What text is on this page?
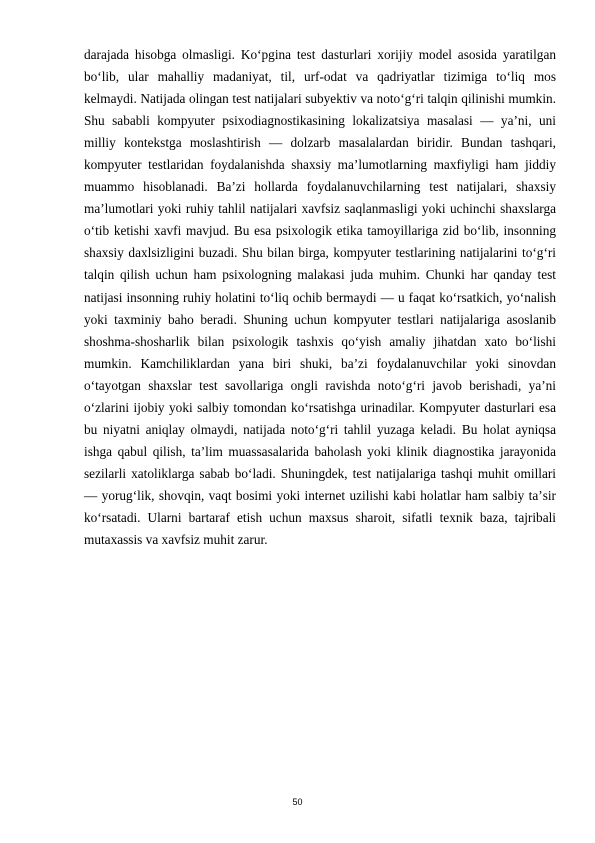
darajada hisobga olmasligi. Koʻpgina test dasturlari xorijiy model asosida yaratilgan boʻlib, ular mahalliy madaniyat, til, urf-odat va qadriyatlar tizimiga toʻliq mos kelmaydi. Natijada olingan test natijalari subyektiv va notoʻgʻri talqin qilinishi mumkin. Shu sababli kompyuter psixodiagnostikasining lokalizatsiya masalasi — yaʼni, uni milliy kontekstga moslashtirish — dolzarb masalalardan biridir. Bundan tashqari, kompyuter testlaridan foydalanishda shaxsiy maʼlumotlarning maxfiyligi ham jiddiy muammo hisoblanadi. Baʼzi hollarda foydalanuvchilarning test natijalari, shaxsiy maʼlumotlari yoki ruhiy tahlil natijalari xavfsiz saqlanmasligi yoki uchinchi shaxslarga oʻtib ketishi xavfi mavjud. Bu esa psixologik etika tamoyillariga zid boʻlib, insonning shaxsiy daxlsizligini buzadi. Shu bilan birga, kompyuter testlarining natijalarini toʻgʻri talqin qilish uchun ham psixologning malakasi juda muhim. Chunki har qanday test natijasi insonning ruhiy holatini toʻliq ochib bermaydi — u faqat koʻrsatkich, yoʻnalish yoki taxminiy baho beradi. Shuning uchun kompyuter testlari natijalariga asoslanib shoshma-shosharlik bilan psixologik tashxis qoʻyish amaliy jihatdan xato boʻlishi mumkin. Kamchiliklardan yana biri shuki, baʼzi foydalanuvchilar yoki sinovdan oʻtayotgan shaxslar test savollariga ongli ravishda notoʻgʻri javob berishadi, yaʼni oʻzlarini ijobiy yoki salbiy tomondan koʻrsatishga urinadilar. Kompyuter dasturlari esa bu niyatni aniqlay olmaydi, natijada notoʻgʻri tahlil yuzaga keladi. Bu holat ayniqsa ishga qabul qilish, taʼlim muassasalarida baholash yoki klinik diagnostika jarayonida sezilarli xatoliklarga sabab boʻladi. Shuningdek, test natijalariga tashqi muhit omillari — yorugʻlik, shovqin, vaqt bosimi yoki internet uzilishi kabi holatlar ham salbiy taʼsir koʻrsatadi. Ularni bartaraf etish uchun maxsus sharoit, sifatli texnik baza, tajribali mutaxassis va xavfsiz muhit zarur.

50
